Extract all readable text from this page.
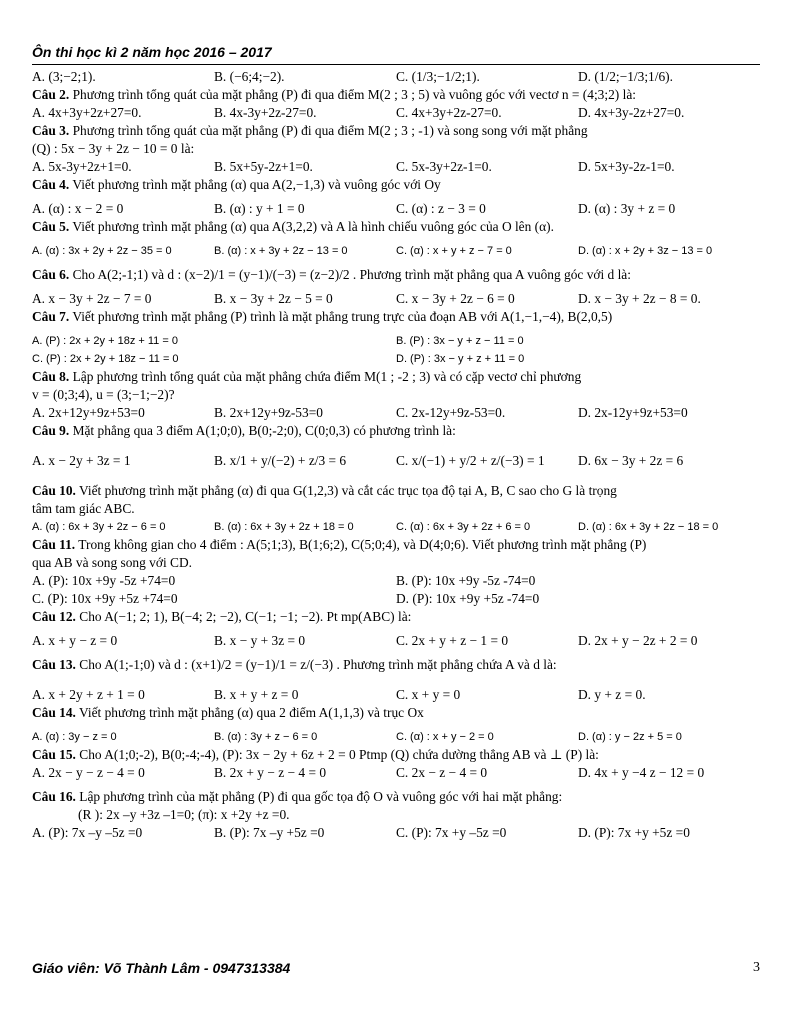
Ôn thi học kì 2 năm học 2016 – 2017
A. (3;−2;1).	B. (−6;4;−2).	C. (1/3;−1/2;1).	D. (1/2;−1/3;1/6).
Câu 2. Phương trình tổng quát của mặt phẳng (P) đi qua điểm M(2 ; 3 ; 5) và vuông góc với vectơ n = (4;3;2) là:
A. 4x+3y+2z+27=0.	B. 4x-3y+2z-27=0.	C. 4x+3y+2z-27=0.	D. 4x+3y-2z+27=0.
Câu 3. Phương trình tổng quát của mặt phẳng (P) đi qua điểm M(2 ; 3 ; -1) và song song với mặt phẳng
(Q) : 5x − 3y + 2z − 10 = 0 là:
A. 5x-3y+2z+1=0.	B. 5x+5y-2z+1=0.	C. 5x-3y+2z-1=0.	D. 5x+3y-2z-1=0.
Câu 4. Viết phương trình mặt phẳng (α) qua A(2,−1,3) và vuông góc với Oy
A. (α) : x − 2 = 0	B. (α) : y + 1 = 0	C. (α) : z − 3 = 0	D. (α) : 3y + z = 0
Câu 5. Viết phương trình mặt phẳng (α) qua A(3,2,2) và A là hình chiếu vuông góc của O lên (α).
A. (α) : 3x + 2y + 2z − 35 = 0	B. (α) : x + 3y + 2z − 13 = 0	C. (α) : x + y + z − 7 = 0	D. (α) : x + 2y + 3z − 13 = 0
Câu 6. Cho A(2;-1;1) và d : (x−2)/1 = (y−1)/(−3) = (z−2)/2 . Phương trình mặt phẳng qua A vuông góc với d là:
A. x − 3y + 2z − 7 = 0	B. x − 3y + 2z − 5 = 0	C. x − 3y + 2z − 6 = 0	D. x − 3y + 2z − 8 = 0.
Câu 7. Viết phương trình mặt phẳng (P) trình là mặt phẳng trung trực của đoạn AB với A(1,−1,−4), B(2,0,5)
A. (P) : 2x + 2y + 18z + 11 = 0	B. (P) : 3x − y + z − 11 = 0
C. (P) : 2x + 2y + 18z − 11 = 0	D. (P) : 3x − y + z + 11 = 0
Câu 8. Lập phương trình tổng quát của mặt phẳng chứa điểm M(1 ; -2 ; 3) và có cặp vectơ chỉ phương
v = (0;3;4), u = (3;−1;−2)?
A. 2x+12y+9z+53=0	B. 2x+12y+9z-53=0	C. 2x-12y+9z-53=0.	D. 2x-12y+9z+53=0
Câu 9. Mặt phẳng qua 3 điểm A(1;0;0), B(0;-2;0), C(0;0,3) có phương trình là:
A. x − 2y + 3z = 1	B. x/1 + y/(−2) + z/3 = 6	C. x/(−1) + y/2 + z/(−3) = 1	D. 6x − 3y + 2z = 6
Câu 10. Viết phương trình mặt phẳng (α) đi qua G(1,2,3) và cắt các trục tọa độ tại A, B, C sao cho G là trọng
tâm tam giác ABC.
A. (α) : 6x + 3y + 2z − 6 = 0	B. (α) : 6x + 3y + 2z + 18 = 0	C. (α) : 6x + 3y + 2z + 6 = 0	D. (α) : 6x + 3y + 2z − 18 = 0
Câu 11. Trong không gian cho 4 điểm : A(5;1;3), B(1;6;2), C(5;0;4), và D(4;0;6). Viết phương trình mặt phẳng (P)
qua AB và song song với CD.
A. (P): 10x +9y -5z +74=0	B. (P): 10x +9y -5z -74=0
C. (P): 10x +9y +5z +74=0	D. (P): 10x +9y +5z -74=0
Câu 12. Cho A(−1; 2; 1), B(−4; 2; −2), C(−1; −1; −2). Pt mp(ABC) là:
A. x + y − z = 0	B. x − y + 3z = 0	C. 2x + y + z − 1 = 0	D. 2x + y − 2z + 2 = 0
Câu 13. Cho A(1;-1;0) và d : (x+1)/2 = (y−1)/1 = z/(−3) . Phương trình mặt phẳng chứa A và d là:
A. x + 2y + z + 1 = 0	B. x + y + z = 0	C. x + y = 0	D. y + z = 0.
Câu 14. Viết phương trình mặt phẳng (α) qua 2 điểm A(1,1,3) và trục Ox
A. (α) : 3y − z = 0	B. (α) : 3y + z − 6 = 0	C. (α) : x + y − 2 = 0	D. (α) : y − 2z + 5 = 0
Câu 15. Cho A(1;0;-2), B(0;-4;-4), (P): 3x − 2y + 6z + 2 = 0 Ptmp (Q) chứa dường thẳng AB và ⊥ (P) là:
A. 2x − y − z − 4 = 0	B. 2x + y − z − 4 = 0	C. 2x − z − 4 = 0	D. 4x + y −4 z − 12 = 0
Câu 16. Lập phương trình của mặt phẳng (P) đi qua gốc tọa độ O và vuông góc với hai mặt phẳng:
(R ): 2x –y +3z –1=0; (π): x +2y +z =0.
A. (P): 7x –y –5z =0	B. (P): 7x –y +5z =0	C. (P): 7x +y –5z =0	D. (P): 7x +y +5z =0
Giáo viên: Võ Thành Lâm - 0947313384	3
